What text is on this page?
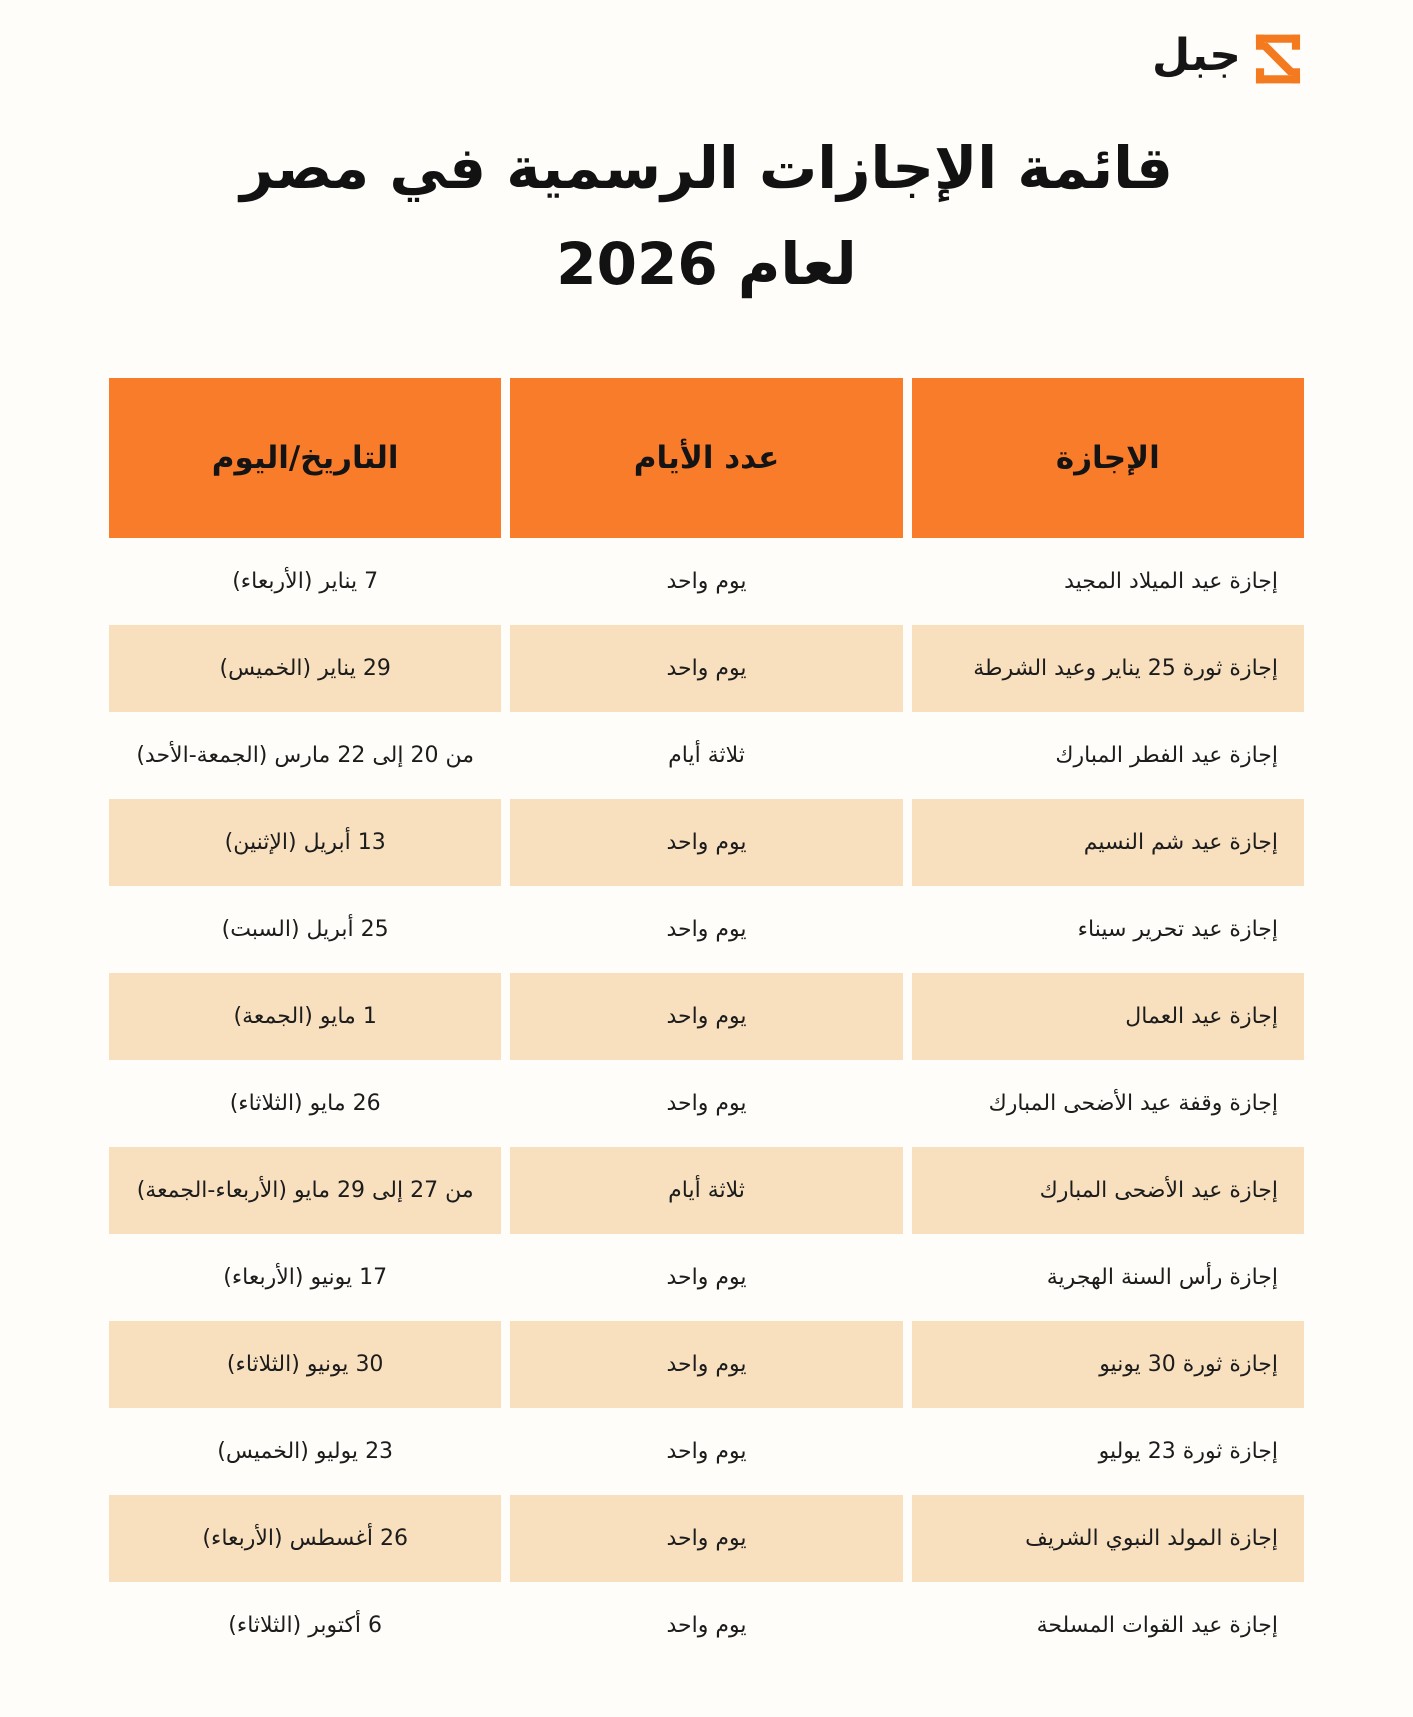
جبل
قائمة الإجازات الرسمية في مصر
لعام 2026
الإجازة	عدد الأيام	التاريخ/اليوم
إجازة عيد الميلاد المجيد	يوم واحد	7 يناير (الأربعاء)
إجازة ثورة 25 يناير وعيد الشرطة	يوم واحد	29 يناير (الخميس)
إجازة عيد الفطر المبارك	ثلاثة أيام	من 20 إلى 22 مارس (الجمعة-الأحد)
إجازة عيد شم النسيم	يوم واحد	13 أبريل (الإثنين)
إجازة عيد تحرير سيناء	يوم واحد	25 أبريل (السبت)
إجازة عيد العمال	يوم واحد	1 مايو (الجمعة)
إجازة وقفة عيد الأضحى المبارك	يوم واحد	26 مايو (الثلاثاء)
إجازة عيد الأضحى المبارك	ثلاثة أيام	من 27 إلى 29 مايو (الأربعاء-الجمعة)
إجازة رأس السنة الهجرية	يوم واحد	17 يونيو (الأربعاء)
إجازة ثورة 30 يونيو	يوم واحد	30 يونيو (الثلاثاء)
إجازة ثورة 23 يوليو	يوم واحد	23 يوليو (الخميس)
إجازة المولد النبوي الشريف	يوم واحد	26 أغسطس (الأربعاء)
إجازة عيد القوات المسلحة	يوم واحد	6 أكتوبر (الثلاثاء)
